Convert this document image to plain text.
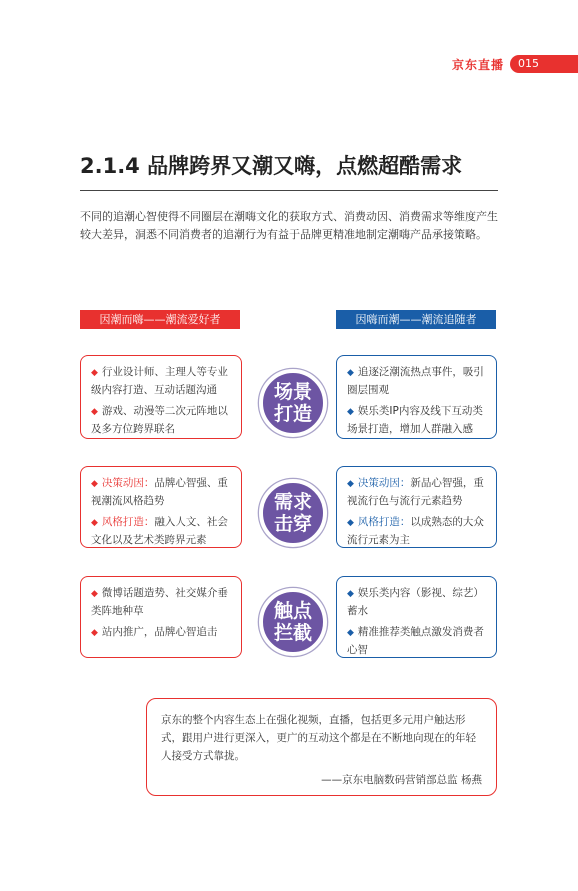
京东直播	015
2.1.4 品牌跨界又潮又嗨，点燃超酷需求
不同的追潮心智使得不同圈层在潮嗨文化的获取方式、消费动因、消费需求等维度产生较大差异，洞悉不同消费者的追潮行为有益于品牌更精准地制定潮嗨产品承接策略。
因潮而嗨——潮流爱好者	因嗨而潮——潮流追随者

◆ 行业设计师、主理人等专业级内容打造、互动话题沟通

◆ 游戏、动漫等二次元阵地以及多方位跨界联名

场景
打造

◆ 追逐泛潮流热点事件，吸引圈层围观

◆ 娱乐类IP内容及线下互动类场景打造，增加人群融入感

◆ 决策动因：品牌心智强、重视潮流风格趋势

◆ 风格打造：融入人文、社会文化以及艺术类跨界元素

需求
击穿

◆ 决策动因：新品心智强，重视流行色与流行元素趋势

◆ 风格打造：以成熟态的大众流行元素为主

◆ 微博话题造势、社交媒介垂类阵地种草

◆ 站内推广，品牌心智追击

触点
拦截

◆ 娱乐类内容（影视、综艺）蓄水

◆ 精准推荐类触点激发消费者心智

京东的整个内容生态上在强化视频，直播，包括更多元用户触达形式，跟用户进行更深入，更广的互动这个都是在不断地向现在的年轻人接受方式靠拢。
——京东电脑数码营销部总监 杨燕
